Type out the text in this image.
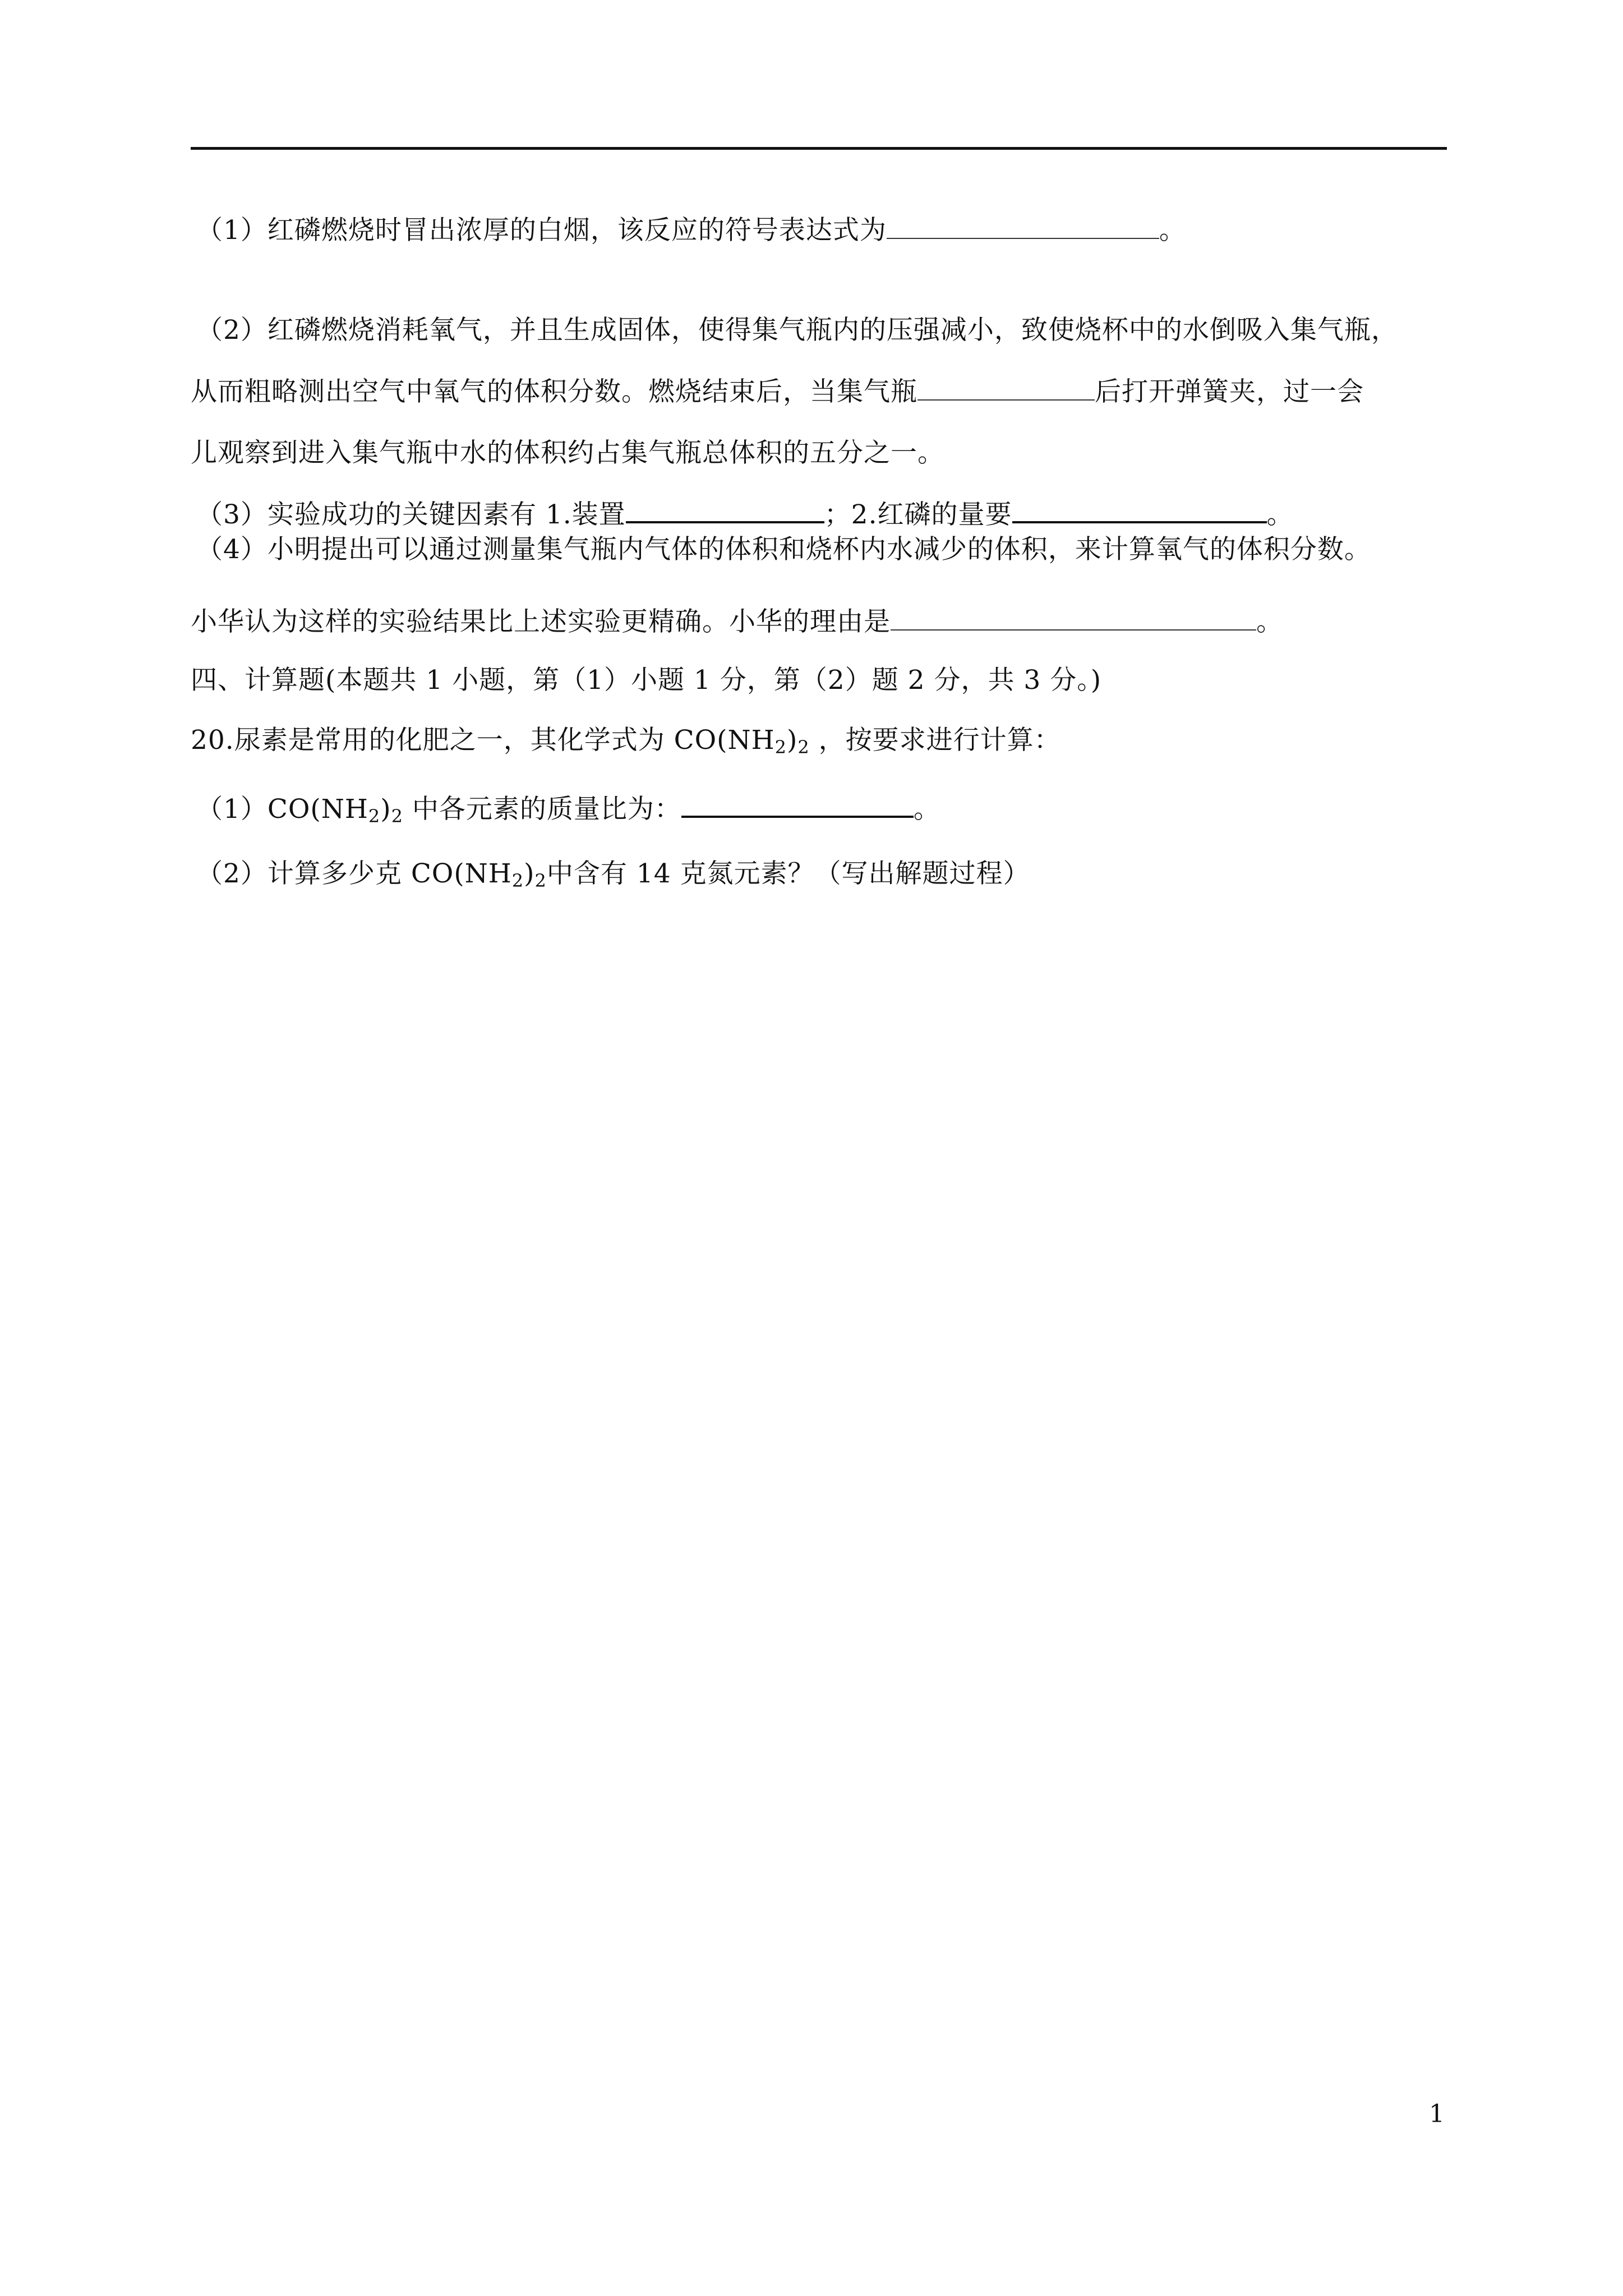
（1）红磷燃烧时冒出浓厚的白烟，该反应的符号表达式为	。
（2）红磷燃烧消耗氧气，并且生成固体，使得集气瓶内的压强减小，致使烧杯中的水倒吸入集气瓶，
从而粗略测出空气中氧气的体积分数。燃烧结束后，当集气瓶	后打开弹簧夹，过一会
儿观察到进入集气瓶中水的体积约占集气瓶总体积的五分之一。
（3）实验成功的关键因素有 1.装置	；2.红磷的量要	。
（4）小明提出可以通过测量集气瓶内气体的体积和烧杯内水减少的体积，来计算氧气的体积分数。
小华认为这样的实验结果比上述实验更精确。小华的理由是	。
四、计算题(本题共 1 小题，第（1）小题 1 分，第（2）题 2 分，共 3 分。)
20.尿素是常用的化肥之一，其化学式为 $CO(NH_2)_2$ ，按要求进行计算：
$(1)CO(NH_2)_2$ 中各元素的质量比为：	。
（2）计算多少克 $CO(NH_2)_2$中含有 14 克氮元素？（写出解题过程）
1
